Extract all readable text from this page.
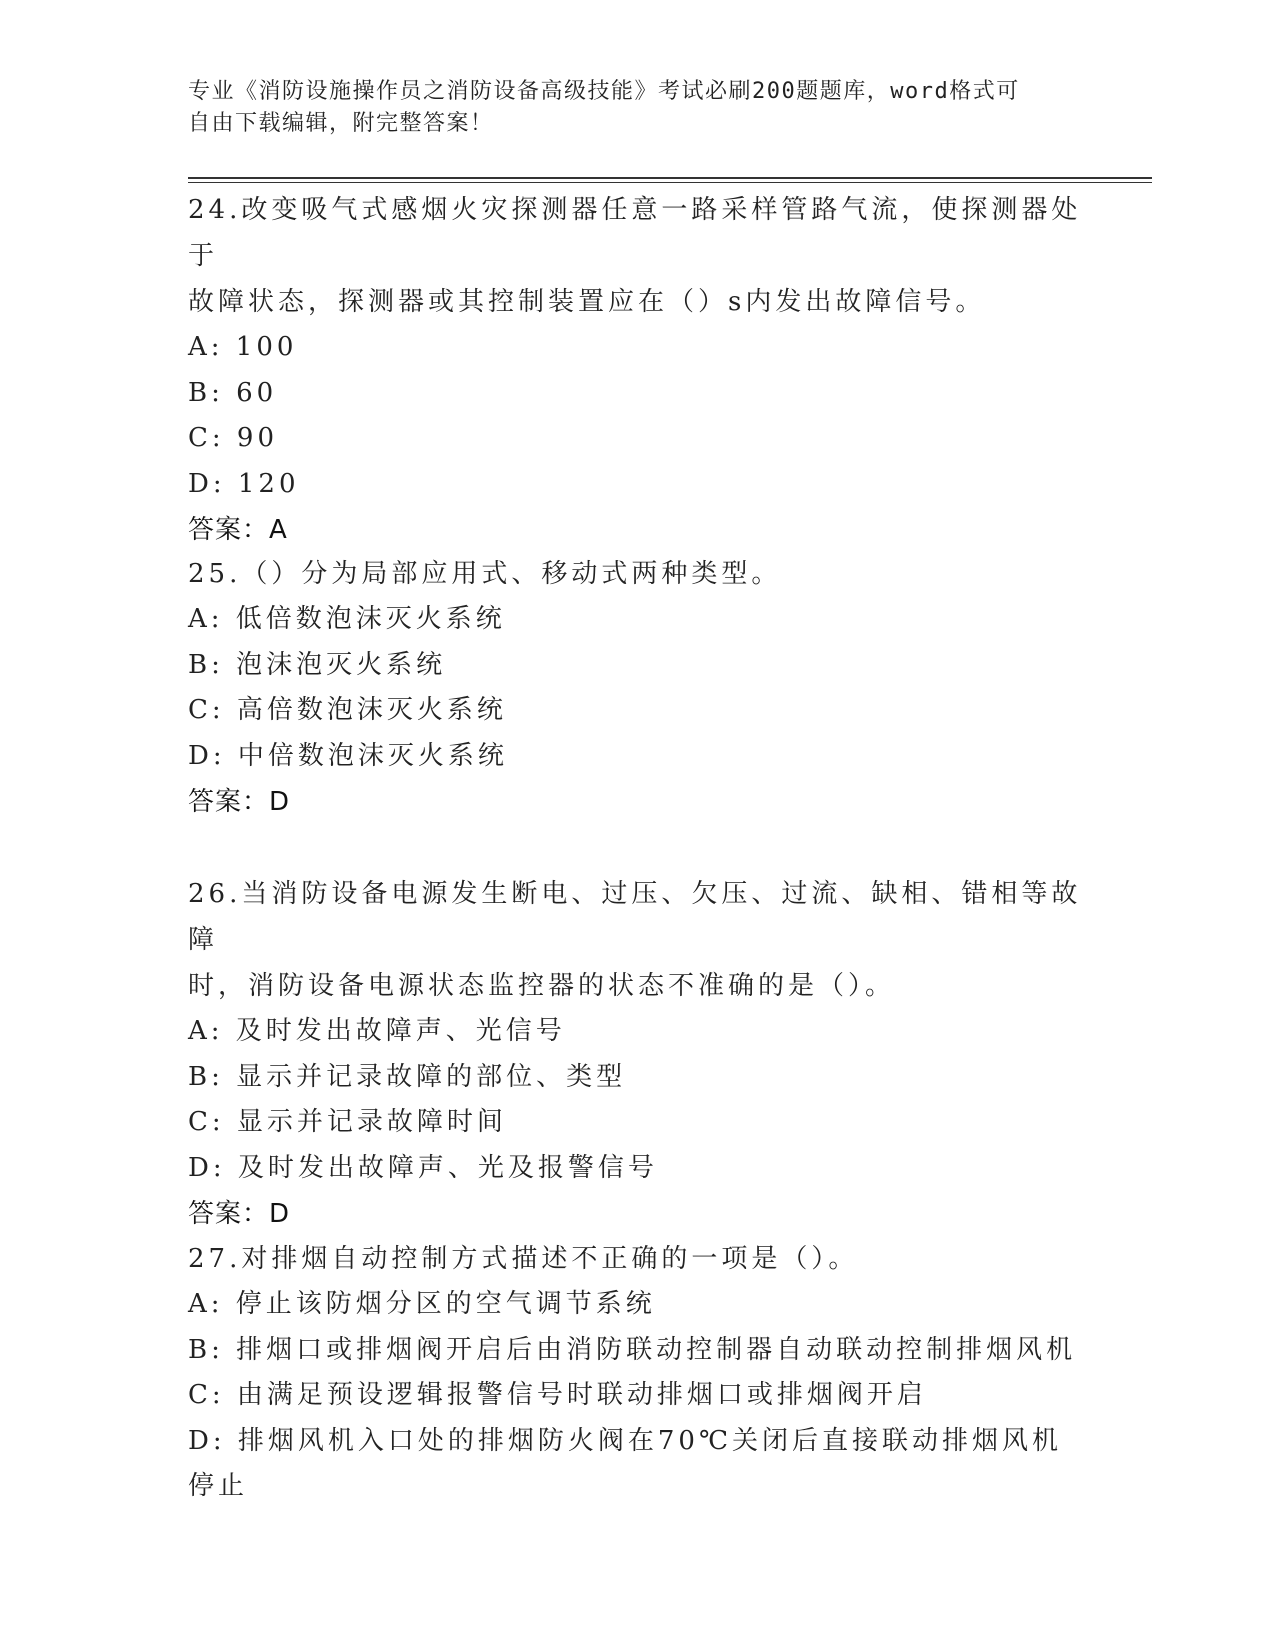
专业《消防设施操作员之消防设备高级技能》考试必刷200题题库，word格式可
自由下载编辑，附完整答案！

24.改变吸气式感烟火灾探测器任意一路采样管路气流，使探测器处于

故障状态，探测器或其控制装置应在（）s内发出故障信号。

A: 100

B: 60

C: 90

D: 120

答案：A

25.（）分为局部应用式、移动式两种类型。

A: 低倍数泡沫灭火系统

B: 泡沫泡灭火系统

C: 高倍数泡沫灭火系统

D: 中倍数泡沫灭火系统

答案：D

26.当消防设备电源发生断电、过压、欠压、过流、缺相、错相等故障

时，消防设备电源状态监控器的状态不准确的是（）。

A: 及时发出故障声、光信号

B: 显示并记录故障的部位、类型

C: 显示并记录故障时间

D: 及时发出故障声、光及报警信号

答案：D

27.对排烟自动控制方式描述不正确的一项是（）。

A: 停止该防烟分区的空气调节系统

B: 排烟口或排烟阀开启后由消防联动控制器自动联动控制排烟风机

C: 由满足预设逻辑报警信号时联动排烟口或排烟阀开启

D: 排烟风机入口处的排烟防火阀在70℃关闭后直接联动排烟风机停止
